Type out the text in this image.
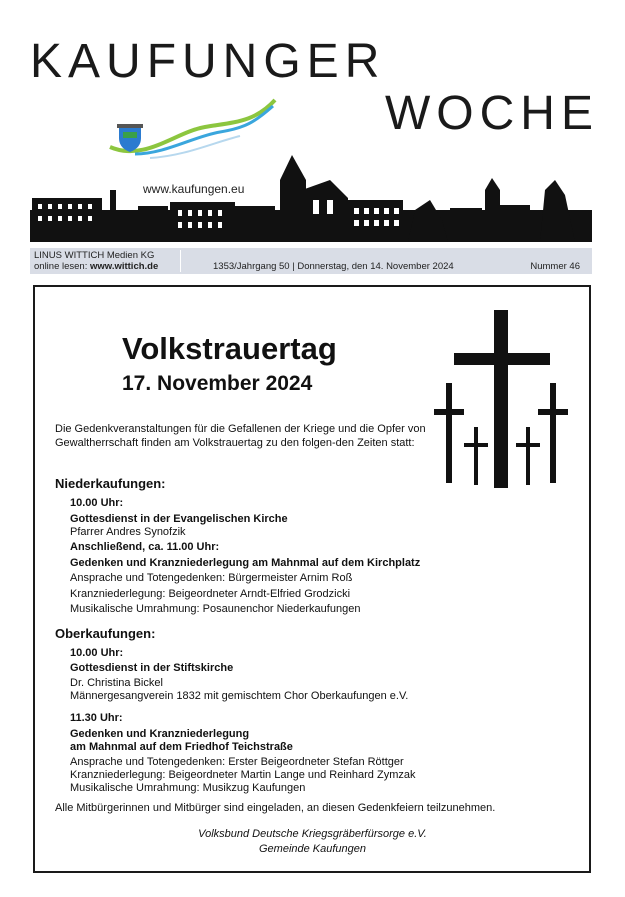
KAUFUNGER
WOCHE
www.kaufungen.eu
LINUS WITTICH Medien KG
online lesen: www.wittich.de	1353/Jahrgang 50 | Donnerstag, den 14. November 2024	Nummer 46
Volkstrauertag
17. November 2024
Die Gedenkveranstaltungen für die Gefallenen der Kriege und die Opfer von Gewaltherrschaft finden am Volkstrauertag zu den folgen-den Zeiten statt:
Niederkaufungen:
10.00 Uhr:
Gottesdienst in der Evangelischen Kirche
Pfarrer Andres Synofzik
Anschließend, ca. 11.00 Uhr:
Gedenken und Kranzniederlegung am Mahnmal auf dem Kirchplatz
Ansprache und Totengedenken: Bürgermeister Arnim Roß
Kranzniederlegung: Beigeordneter Arndt-Elfried Grodzicki
Musikalische Umrahmung: Posaunenchor Niederkaufungen
Oberkaufungen:
10.00 Uhr:
Gottesdienst in der Stiftskirche
Dr. Christina Bickel
Männergesangverein 1832 mit gemischtem Chor Oberkaufungen e.V.
11.30 Uhr:
Gedenken und Kranzniederlegung
am Mahnmal auf dem Friedhof Teichstraße
Ansprache und Totengedenken: Erster Beigeordneter Stefan Röttger
Kranzniederlegung: Beigeordneter Martin Lange und Reinhard Zymzak
Musikalische Umrahmung: Musikzug Kaufungen
Alle Mitbürgerinnen und Mitbürger sind eingeladen, an diesen Gedenkfeiern teilzunehmen.
Volksbund Deutsche Kriegsgräberfürsorge e.V.
Gemeinde Kaufungen
